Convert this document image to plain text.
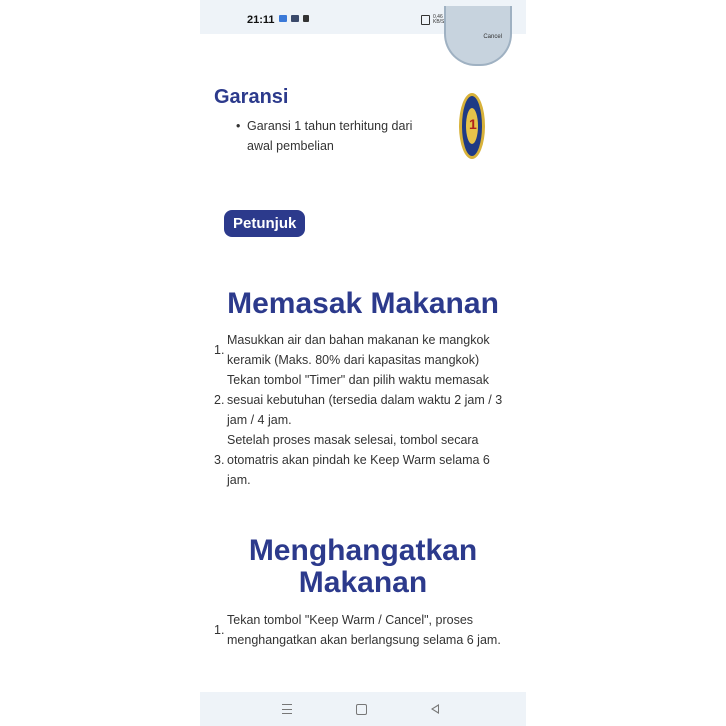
21:11	0,46 KB/S
Cancel
Garansi
• Garansi 1 tahun terhitung dari awal pembelian
1
Petunjuk
Memasak Makanan
1.
Masukkan air dan bahan makanan ke mangkok keramik (Maks. 80% dari kapasitas mangkok)
2.
Tekan tombol "Timer" dan pilih waktu memasak sesuai kebutuhan (tersedia dalam waktu 2 jam / 3 jam / 4 jam.
3.
Setelah proses masak selesai, tombol secara otomatris akan pindah ke Keep Warm selama 6 jam.
Menghangatkan
Makanan
1.
Tekan tombol "Keep Warm / Cancel", proses menghangatkan akan berlangsung selama 6 jam.
